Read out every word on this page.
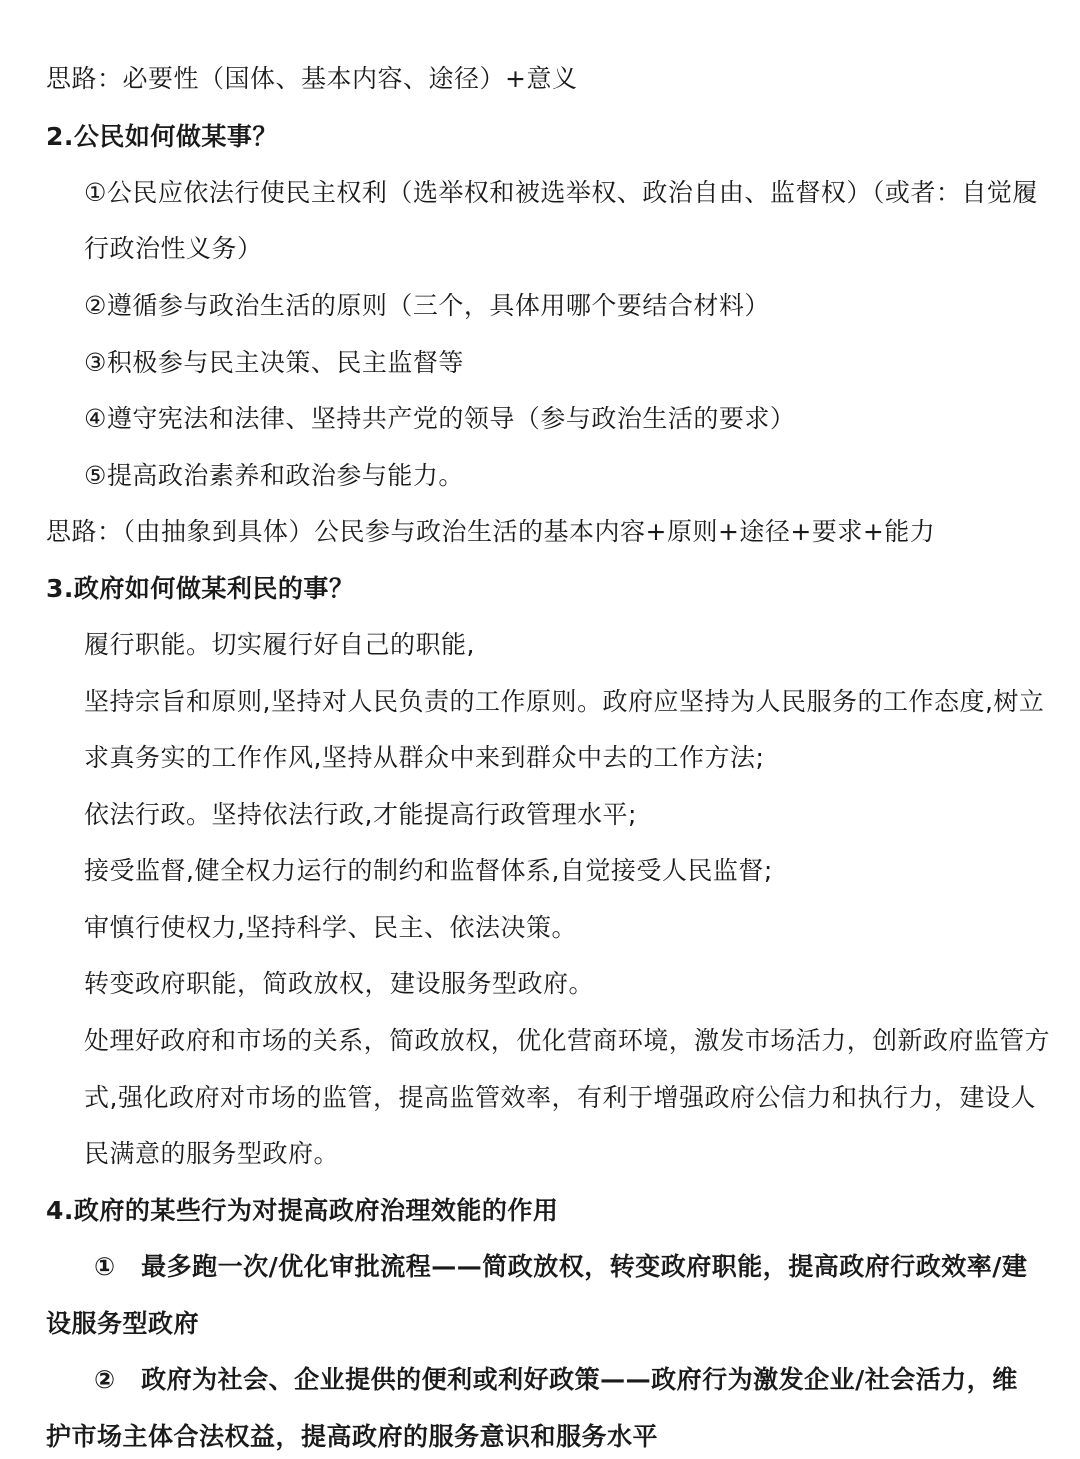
思路：必要性（国体、基本内容、途径）+意义
2.公民如何做某事？
①公民应依法行使民主权利（选举权和被选举权、政治自由、监督权）（或者：自觉履
行政治性义务）
②遵循参与政治生活的原则（三个，具体用哪个要结合材料）
③积极参与民主决策、民主监督等
④遵守宪法和法律、坚持共产党的领导（参与政治生活的要求）
⑤提高政治素养和政治参与能力。
思路：（由抽象到具体）公民参与政治生活的基本内容+原则+途径+要求+能力
3.政府如何做某利民的事？
履行职能。切实履行好自己的职能,
坚持宗旨和原则,坚持对人民负责的工作原则。政府应坚持为人民服务的工作态度,树立
求真务实的工作作风,坚持从群众中来到群众中去的工作方法;
依法行政。坚持依法行政,才能提高行政管理水平;
接受监督,健全权力运行的制约和监督体系,自觉接受人民监督;
审慎行使权力,坚持科学、民主、依法决策。
转变政府职能，简政放权，建设服务型政府。
处理好政府和市场的关系，简政放权，优化营商环境，激发市场活力，创新政府监管方
式,强化政府对市场的监管，提高监管效率，有利于增强政府公信力和执行力，建设人
民满意的服务型政府。
4.政府的某些行为对提高政府治理效能的作用
①　最多跑一次/优化审批流程——简政放权，转变政府职能，提高政府行政效率/建
设服务型政府
②　政府为社会、企业提供的便利或利好政策——政府行为激发企业/社会活力，维
护市场主体合法权益，提高政府的服务意识和服务水平
